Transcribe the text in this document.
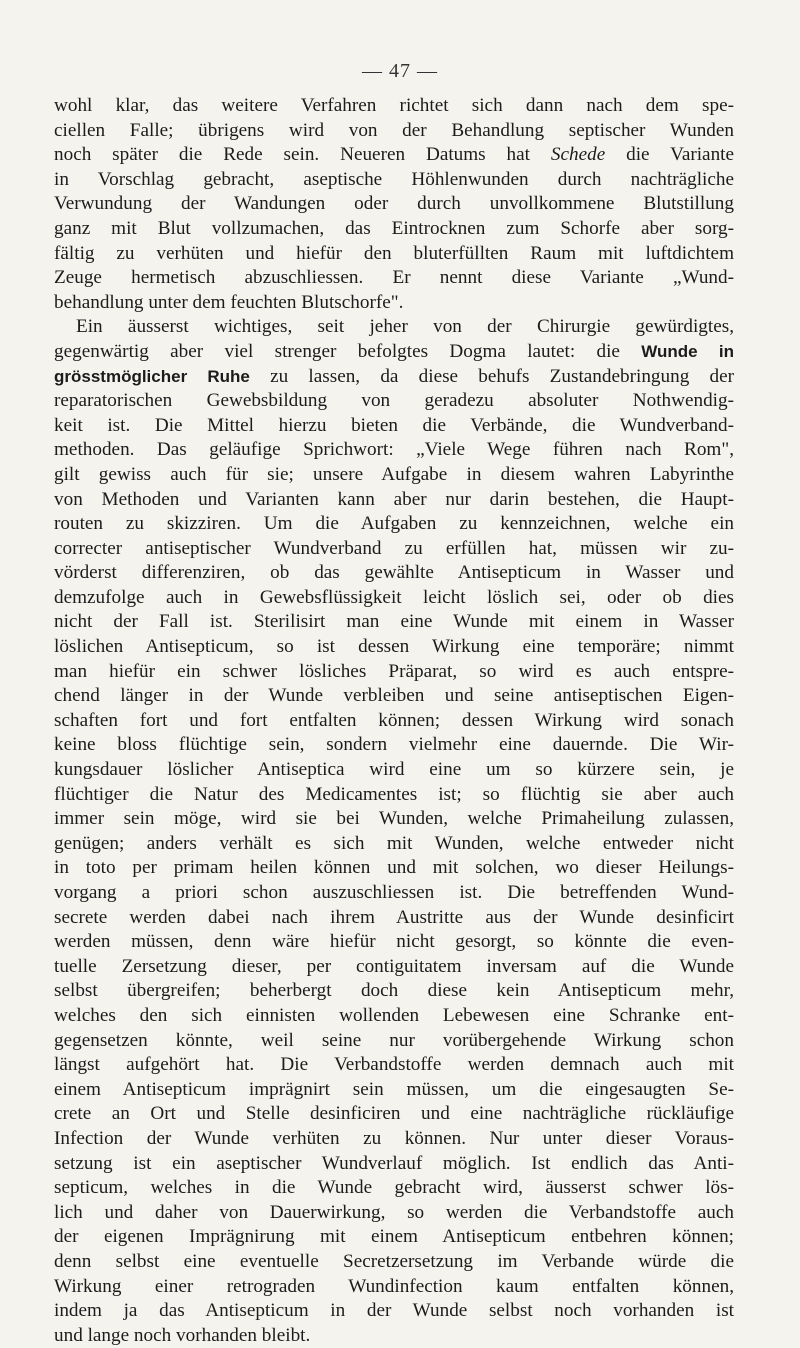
— 47 —
wohl klar, das weitere Verfahren richtet sich dann nach dem spe-
ciellen Falle; übrigens wird von der Behandlung septischer Wunden
noch später die Rede sein. Neueren Datums hat Schede die Variante
in Vorschlag gebracht, aseptische Höhlenwunden durch nachträgliche
Verwundung der Wandungen oder durch unvollkommene Blutstillung
ganz mit Blut vollzumachen, das Eintrocknen zum Schorfe aber sorg-
fältig zu verhüten und hiefür den bluterfüllten Raum mit luftdichtem
Zeuge hermetisch abzuschliessen. Er nennt diese Variante „Wund-
behandlung unter dem feuchten Blutschorfe".
Ein äusserst wichtiges, seit jeher von der Chirurgie gewürdigtes,
gegenwärtig aber viel strenger befolgtes Dogma lautet: die Wunde in
grösstmöglicher Ruhe zu lassen, da diese behufs Zustandebringung der
reparatorischen Gewebsbildung von geradezu absoluter Nothwendig-
keit ist. Die Mittel hierzu bieten die Verbände, die Wundverband-
methoden. Das geläufige Sprichwort: „Viele Wege führen nach Rom",
gilt gewiss auch für sie; unsere Aufgabe in diesem wahren Labyrinthe
von Methoden und Varianten kann aber nur darin bestehen, die Haupt-
routen zu skizziren. Um die Aufgaben zu kennzeichnen, welche ein
correcter antiseptischer Wundverband zu erfüllen hat, müssen wir zu-
vörderst differenziren, ob das gewählte Antisepticum in Wasser und
demzufolge auch in Gewebsflüssigkeit leicht löslich sei, oder ob dies
nicht der Fall ist. Sterilisirt man eine Wunde mit einem in Wasser
löslichen Antisepticum, so ist dessen Wirkung eine temporäre; nimmt
man hiefür ein schwer lösliches Präparat, so wird es auch entspre-
chend länger in der Wunde verbleiben und seine antiseptischen Eigen-
schaften fort und fort entfalten können; dessen Wirkung wird sonach
keine bloss flüchtige sein, sondern vielmehr eine dauernde. Die Wir-
kungsdauer löslicher Antiseptica wird eine um so kürzere sein, je
flüchtiger die Natur des Medicamentes ist; so flüchtig sie aber auch
immer sein möge, wird sie bei Wunden, welche Primaheilung zulassen,
genügen; anders verhält es sich mit Wunden, welche entweder nicht
in toto per primam heilen können und mit solchen, wo dieser Heilungs-
vorgang a priori schon auszuschliessen ist. Die betreffenden Wund-
secrete werden dabei nach ihrem Austritte aus der Wunde desinficirt
werden müssen, denn wäre hiefür nicht gesorgt, so könnte die even-
tuelle Zersetzung dieser, per contiguitatem inversam auf die Wunde
selbst übergreifen; beherbergt doch diese kein Antisepticum mehr,
welches den sich einnisten wollenden Lebewesen eine Schranke ent-
gegensetzen könnte, weil seine nur vorübergehende Wirkung schon
längst aufgehört hat. Die Verbandstoffe werden demnach auch mit
einem Antisepticum imprägnirt sein müssen, um die eingesaugten Se-
crete an Ort und Stelle desinficiren und eine nachträgliche rückläufige
Infection der Wunde verhüten zu können. Nur unter dieser Voraus-
setzung ist ein aseptischer Wundverlauf möglich. Ist endlich das Anti-
septicum, welches in die Wunde gebracht wird, äusserst schwer lös-
lich und daher von Dauerwirkung, so werden die Verbandstoffe auch
der eigenen Imprägnirung mit einem Antisepticum entbehren können;
denn selbst eine eventuelle Secretzersetzung im Verbande würde die
Wirkung einer retrograden Wundinfection kaum entfalten können,
indem ja das Antisepticum in der Wunde selbst noch vorhanden ist
und lange noch vorhanden bleibt.
